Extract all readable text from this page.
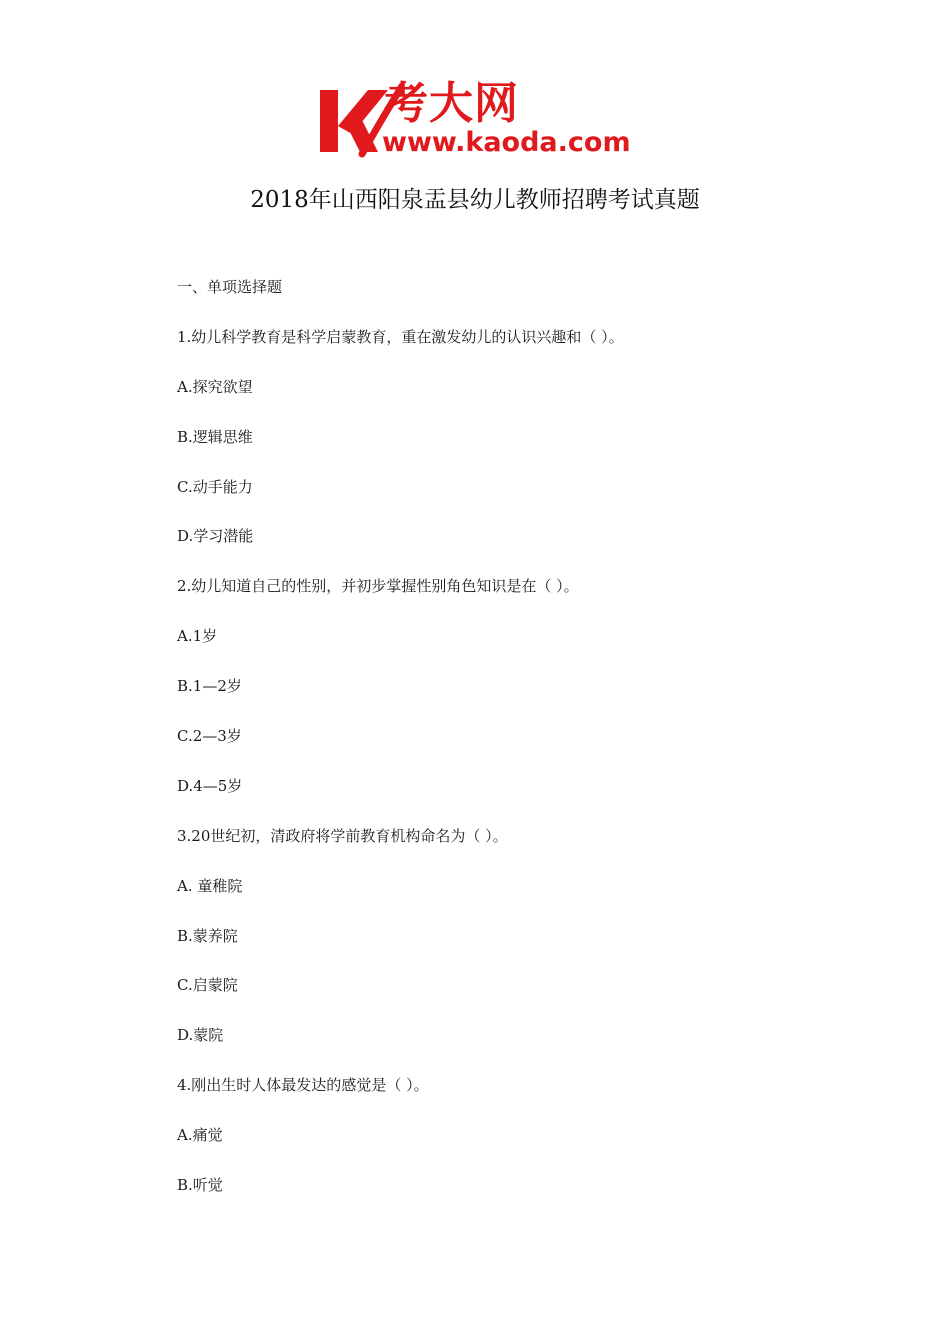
考大网
www.kaoda.com
2018年山西阳泉盂县幼儿教师招聘考试真题
一、单项选择题
1.幼儿科学教育是科学启蒙教育，重在激发幼儿的认识兴趣和（ ）。
A.探究欲望
B.逻辑思维
C.动手能力
D.学习潜能
2.幼儿知道自己的性别，并初步掌握性别角色知识是在（ ）。
A.1岁
B.1—2岁
C.2—3岁
D.4—5岁
3.20世纪初，清政府将学前教育机构命名为（ ）。
A. 童稚院
B.蒙养院
C.启蒙院
D.蒙院
4.刚出生时人体最发达的感觉是（ ）。
A.痛觉
B.听觉
